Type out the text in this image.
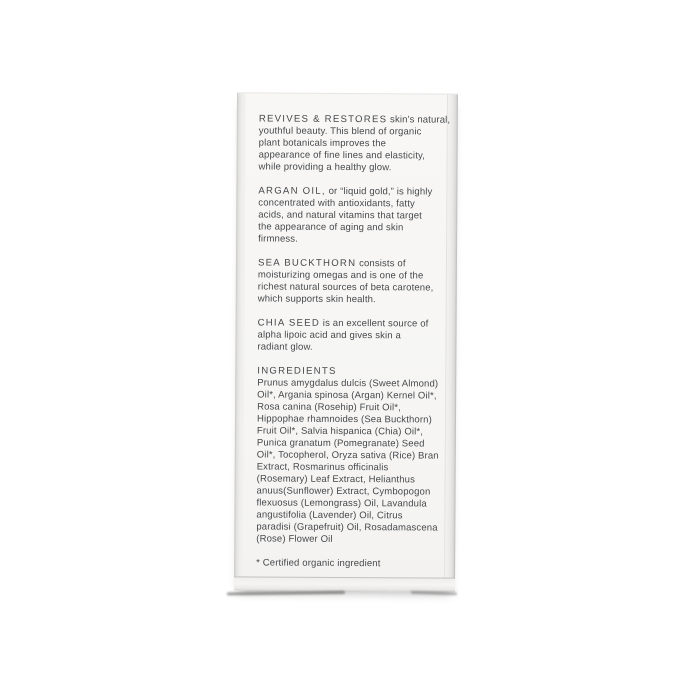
REVIVES & RESTORES skin’s natural,
youthful beauty. This blend of organic
plant botanicals improves the
appearance of fine lines and elasticity,
while providing a healthy glow.

ARGAN OIL, or “liquid gold,” is highly
concentrated with antioxidants, fatty
acids, and natural vitamins that target
the appearance of aging and skin
firmness.

SEA BUCKTHORN consists of
moisturizing omegas and is one of the
richest natural sources of beta carotene,
which supports skin health.

CHIA SEED is an excellent source of
alpha lipoic acid and gives skin a
radiant glow.

INGREDIENTS
Prunus amygdalus dulcis (Sweet Almond)
Oil*, Argania spinosa (Argan) Kernel Oil*,
Rosa canina (Rosehip) Fruit Oil*,
Hippophae rhamnoides (Sea Buckthorn)
Fruit Oil*, Salvia hispanica (Chia) Oil*,
Punica granatum (Pomegranate) Seed
Oil*, Tocopherol, Oryza sativa (Rice) Bran
Extract, Rosmarinus officinalis
(Rosemary) Leaf Extract, Helianthus
anuus(Sunflower) Extract, Cymbopogon
flexuosus (Lemongrass) Oil, Lavandula
angustifolia (Lavender) Oil, Citrus
paradisi (Grapefruit) Oil, Rosadamascena
(Rose) Flower Oil

* Certified organic ingredient
